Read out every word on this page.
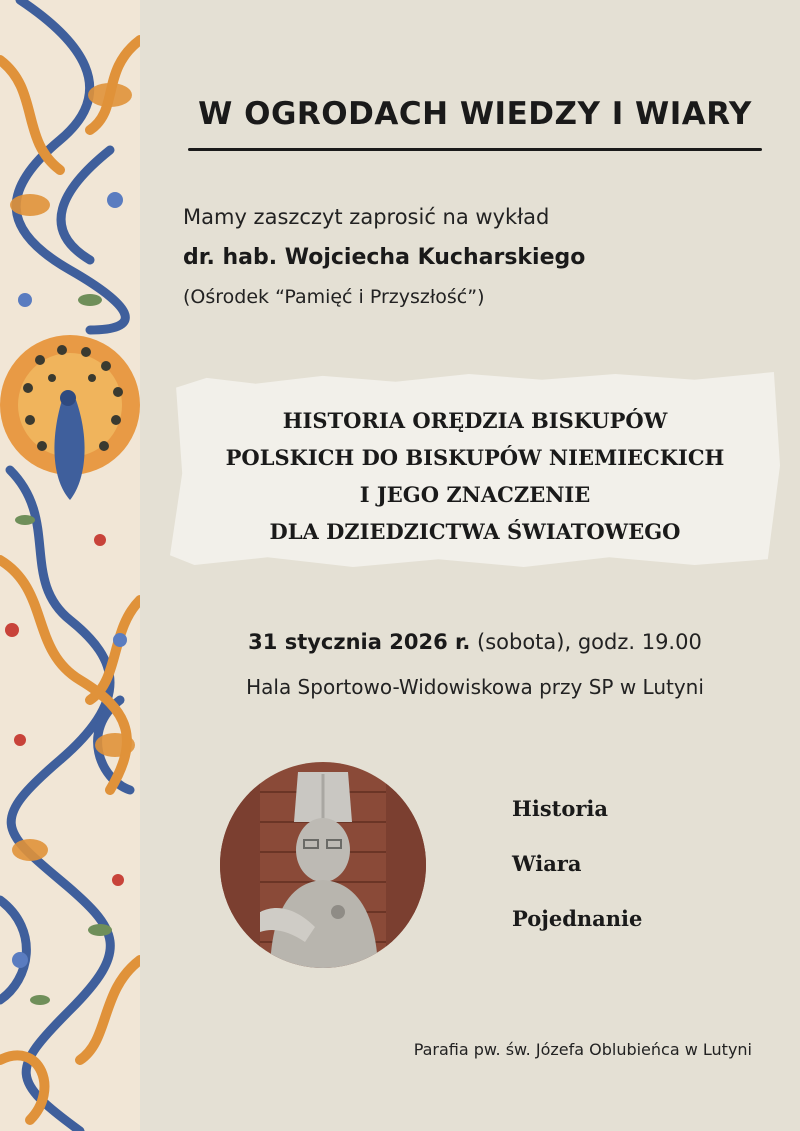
W OGRODACH WIEDZY I WIARY
Mamy zaszczyt zaprosić na wykład
dr. hab. Wojciecha Kucharskiego
(Ośrodek “Pamięć i Przyszłość”)
HISTORIA ORĘDZIA BISKUPÓW
POLSKICH DO BISKUPÓW NIEMIECKICH
I JEGO ZNACZENIE
DLA DZIEDZICTWA ŚWIATOWEGO
31 stycznia 2026 r. (sobota), godz. 19.00
Hala Sportowo-Widowiskowa przy SP w Lutyni
Historia
Wiara
Pojednanie
Parafia pw. św. Józefa Oblubieńca w Lutyni
